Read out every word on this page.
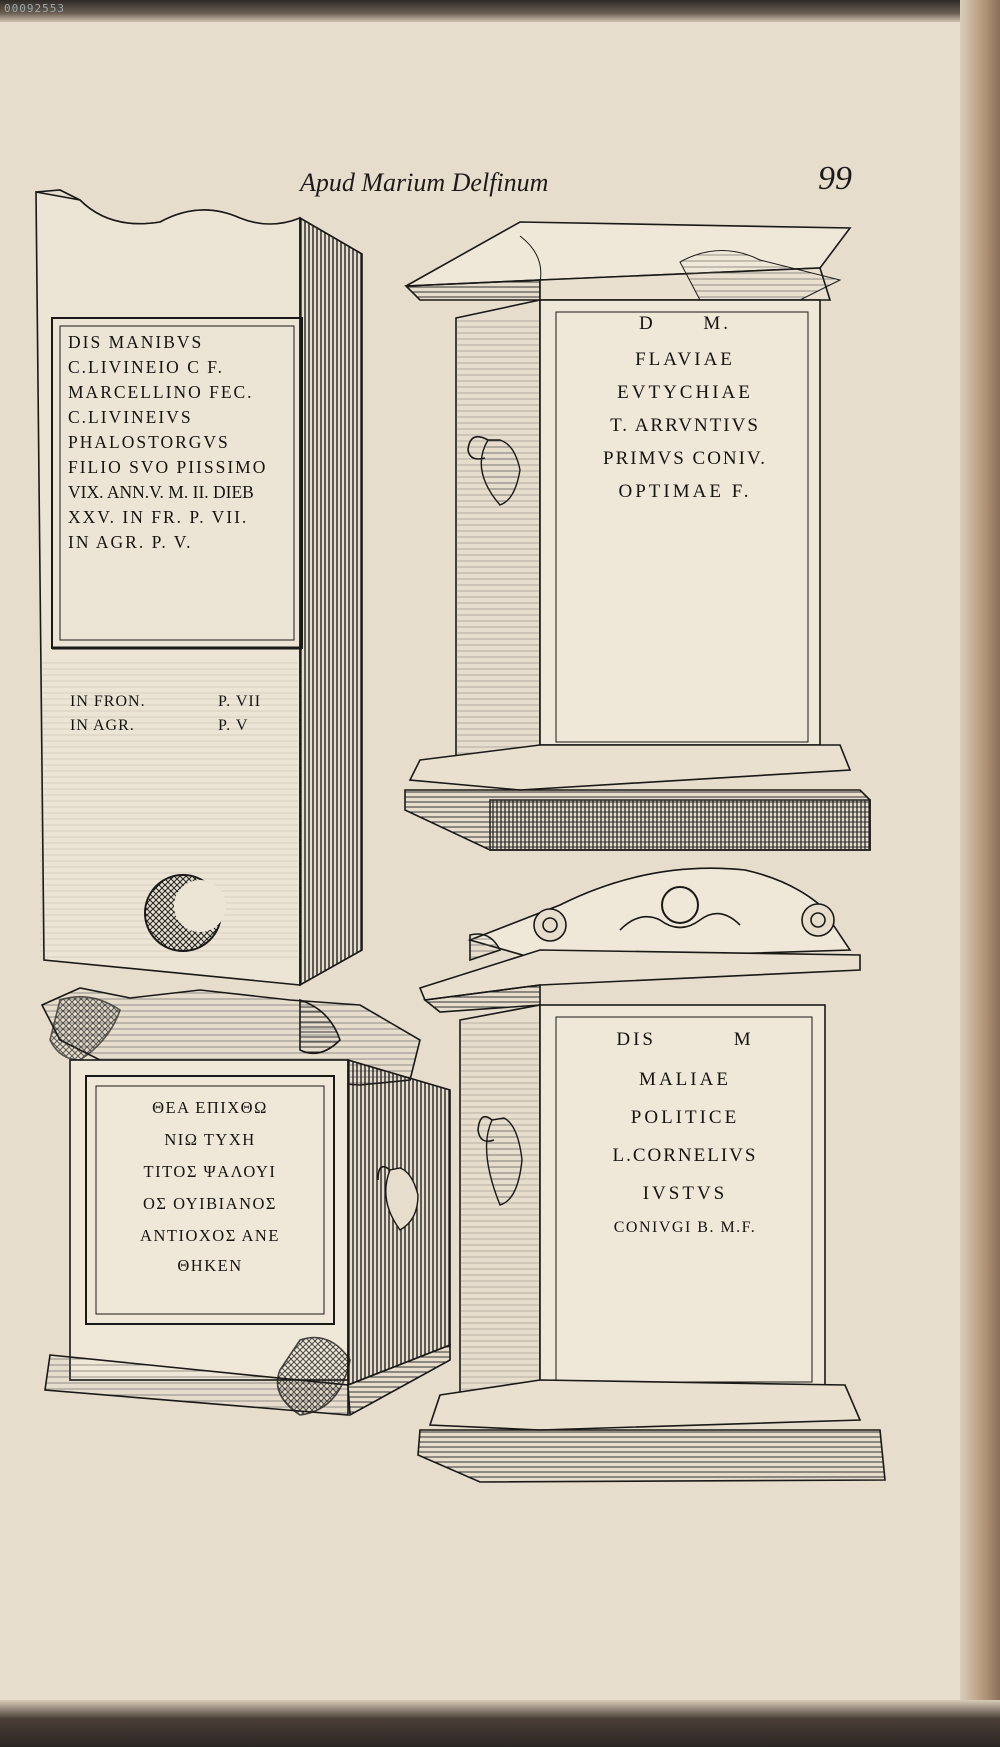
00092553
Apud Marium Delfinum	99
DIS MANIBVS
C.LIVINEIO C F.
MARCELLINO FEC.
C.LIVINEIVS
PHALOSTORGVS
FILIO SVO PIISSIMO
VIX. ANN.V. M. II. DIEB
XXV. IN FR. P. VII.
IN AGR. P. V.
IN FRON.
IN AGR.
P. VII
P. V
D M.
FLAVIAE
EVTYCHIAE
T. ARRVNTIVS
PRIMVS CONIV.
OPTIMAE F.
ΘΕΑ ΕΠΙΧΘΩ
ΝΙΩ ΤΥΧΗ
ΤΙΤΟΣ ΨΑΛΟΥΙ
ΟΣ ΟΥΙΒΙΑΝΟΣ
ΑΝΤΙΟΧΟΣ ΑΝΕ
ΘΗΚΕΝ
DIS M
MALIAE
POLITICE
L.CORNELIVS
IVSTVS
CONIVGI B. M.F.
